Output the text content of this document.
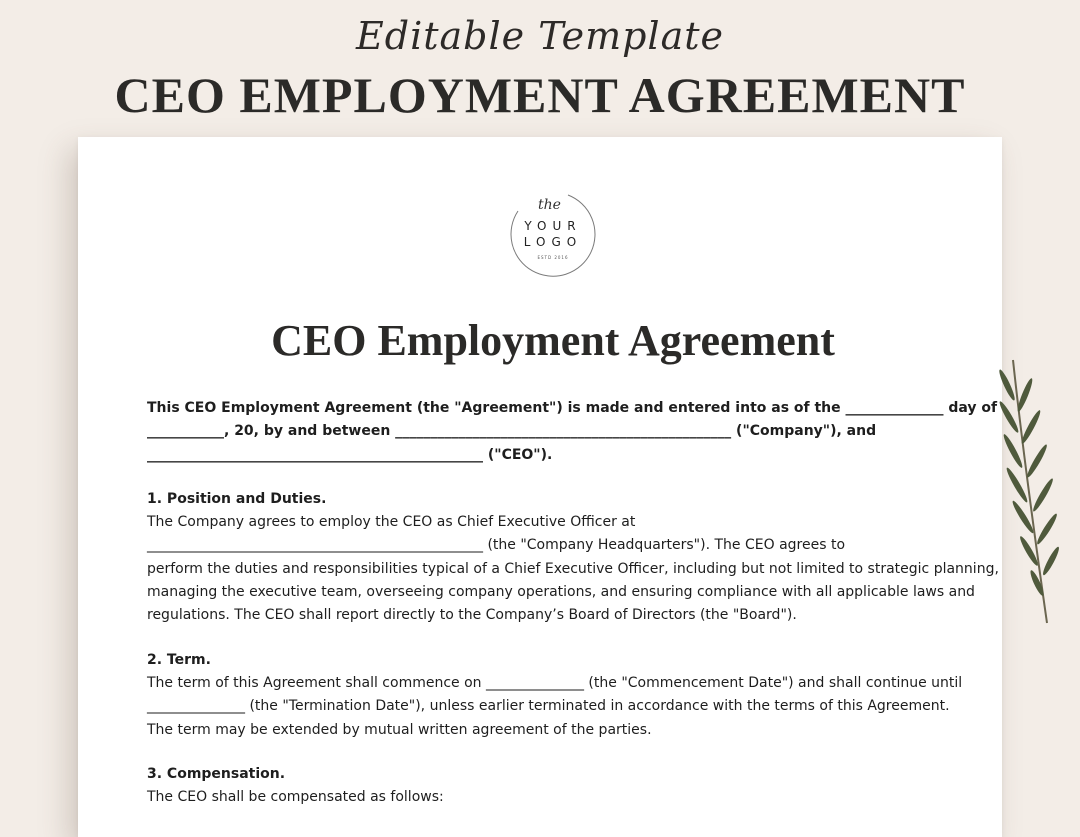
Editable Template
CEO EMPLOYMENT AGREEMENT
the
YOUR
LOGO
ESTD 2016
CEO Employment Agreement
This CEO Employment Agreement (the "Agreement") is made and entered into as of the ______________ day of
___________, 20, by and between ________________________________________________ ("Company"), and
________________________________________________ ("CEO").
1. Position and Duties.
The Company agrees to employ the CEO as Chief Executive Officer at
________________________________________________ (the "Company Headquarters"). The CEO agrees to
perform the duties and responsibilities typical of a Chief Executive Officer, including but not limited to strategic planning,
managing the executive team, overseeing company operations, and ensuring compliance with all applicable laws and
regulations. The CEO shall report directly to the Company’s Board of Directors (the "Board").
2. Term.
The term of this Agreement shall commence on ______________ (the "Commencement Date") and shall continue until
______________ (the "Termination Date"), unless earlier terminated in accordance with the terms of this Agreement.
The term may be extended by mutual written agreement of the parties.
3. Compensation.
The CEO shall be compensated as follows:
